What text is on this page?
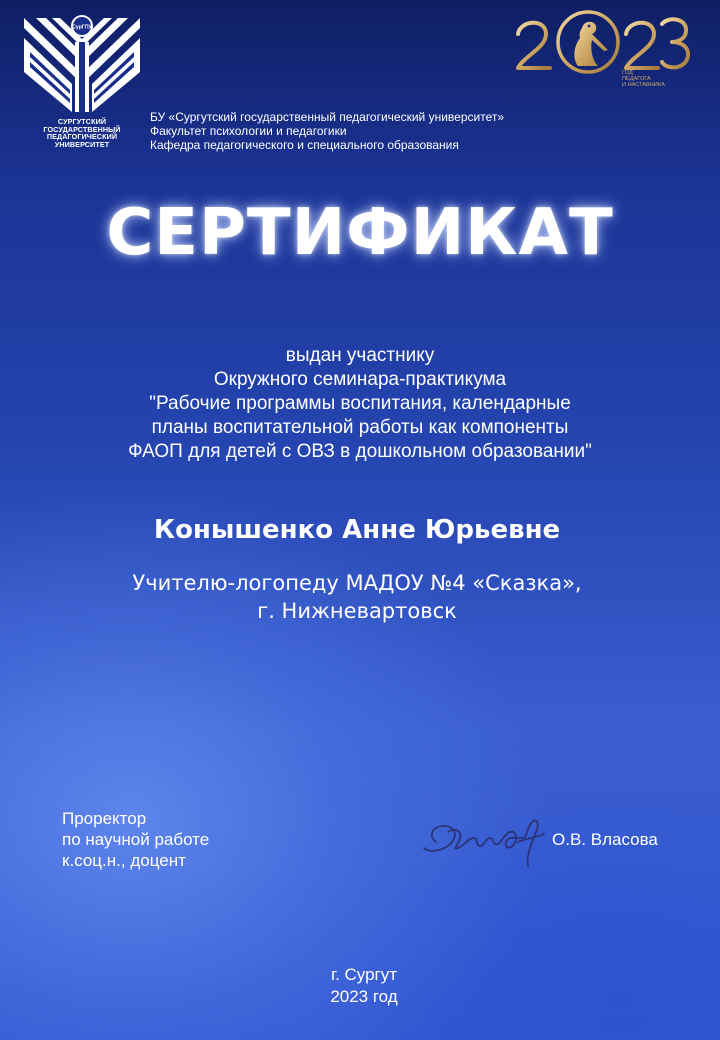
СурГПУ
СУРГУТСКИЙ
ГОСУДАРСТВЕННЫЙ
ПЕДАГОГИЧЕСКИЙ
УНИВЕРСИТЕТ
ГОД
ПЕДАГОГА
И НАСТАВНИКА
БУ «Сургутский государственный педагогический университет»
Факультет психологии и педагогики
Кафедра педагогического и специального образования
СЕРТИФИКАТ
выдан участнику
Окружного семинара-практикума
"Рабочие программы воспитания, календарные
планы воспитательной работы как компоненты
ФАОП для детей с ОВЗ в дошкольном образовании"
Конышенко Анне Юрьевне
Учителю-логопеду МАДОУ №4 «Сказка»,
г. Нижневартовск
Проректор
по научной работе
к.соц.н., доцент
О.В. Власова
г. Сургут
2023 год
